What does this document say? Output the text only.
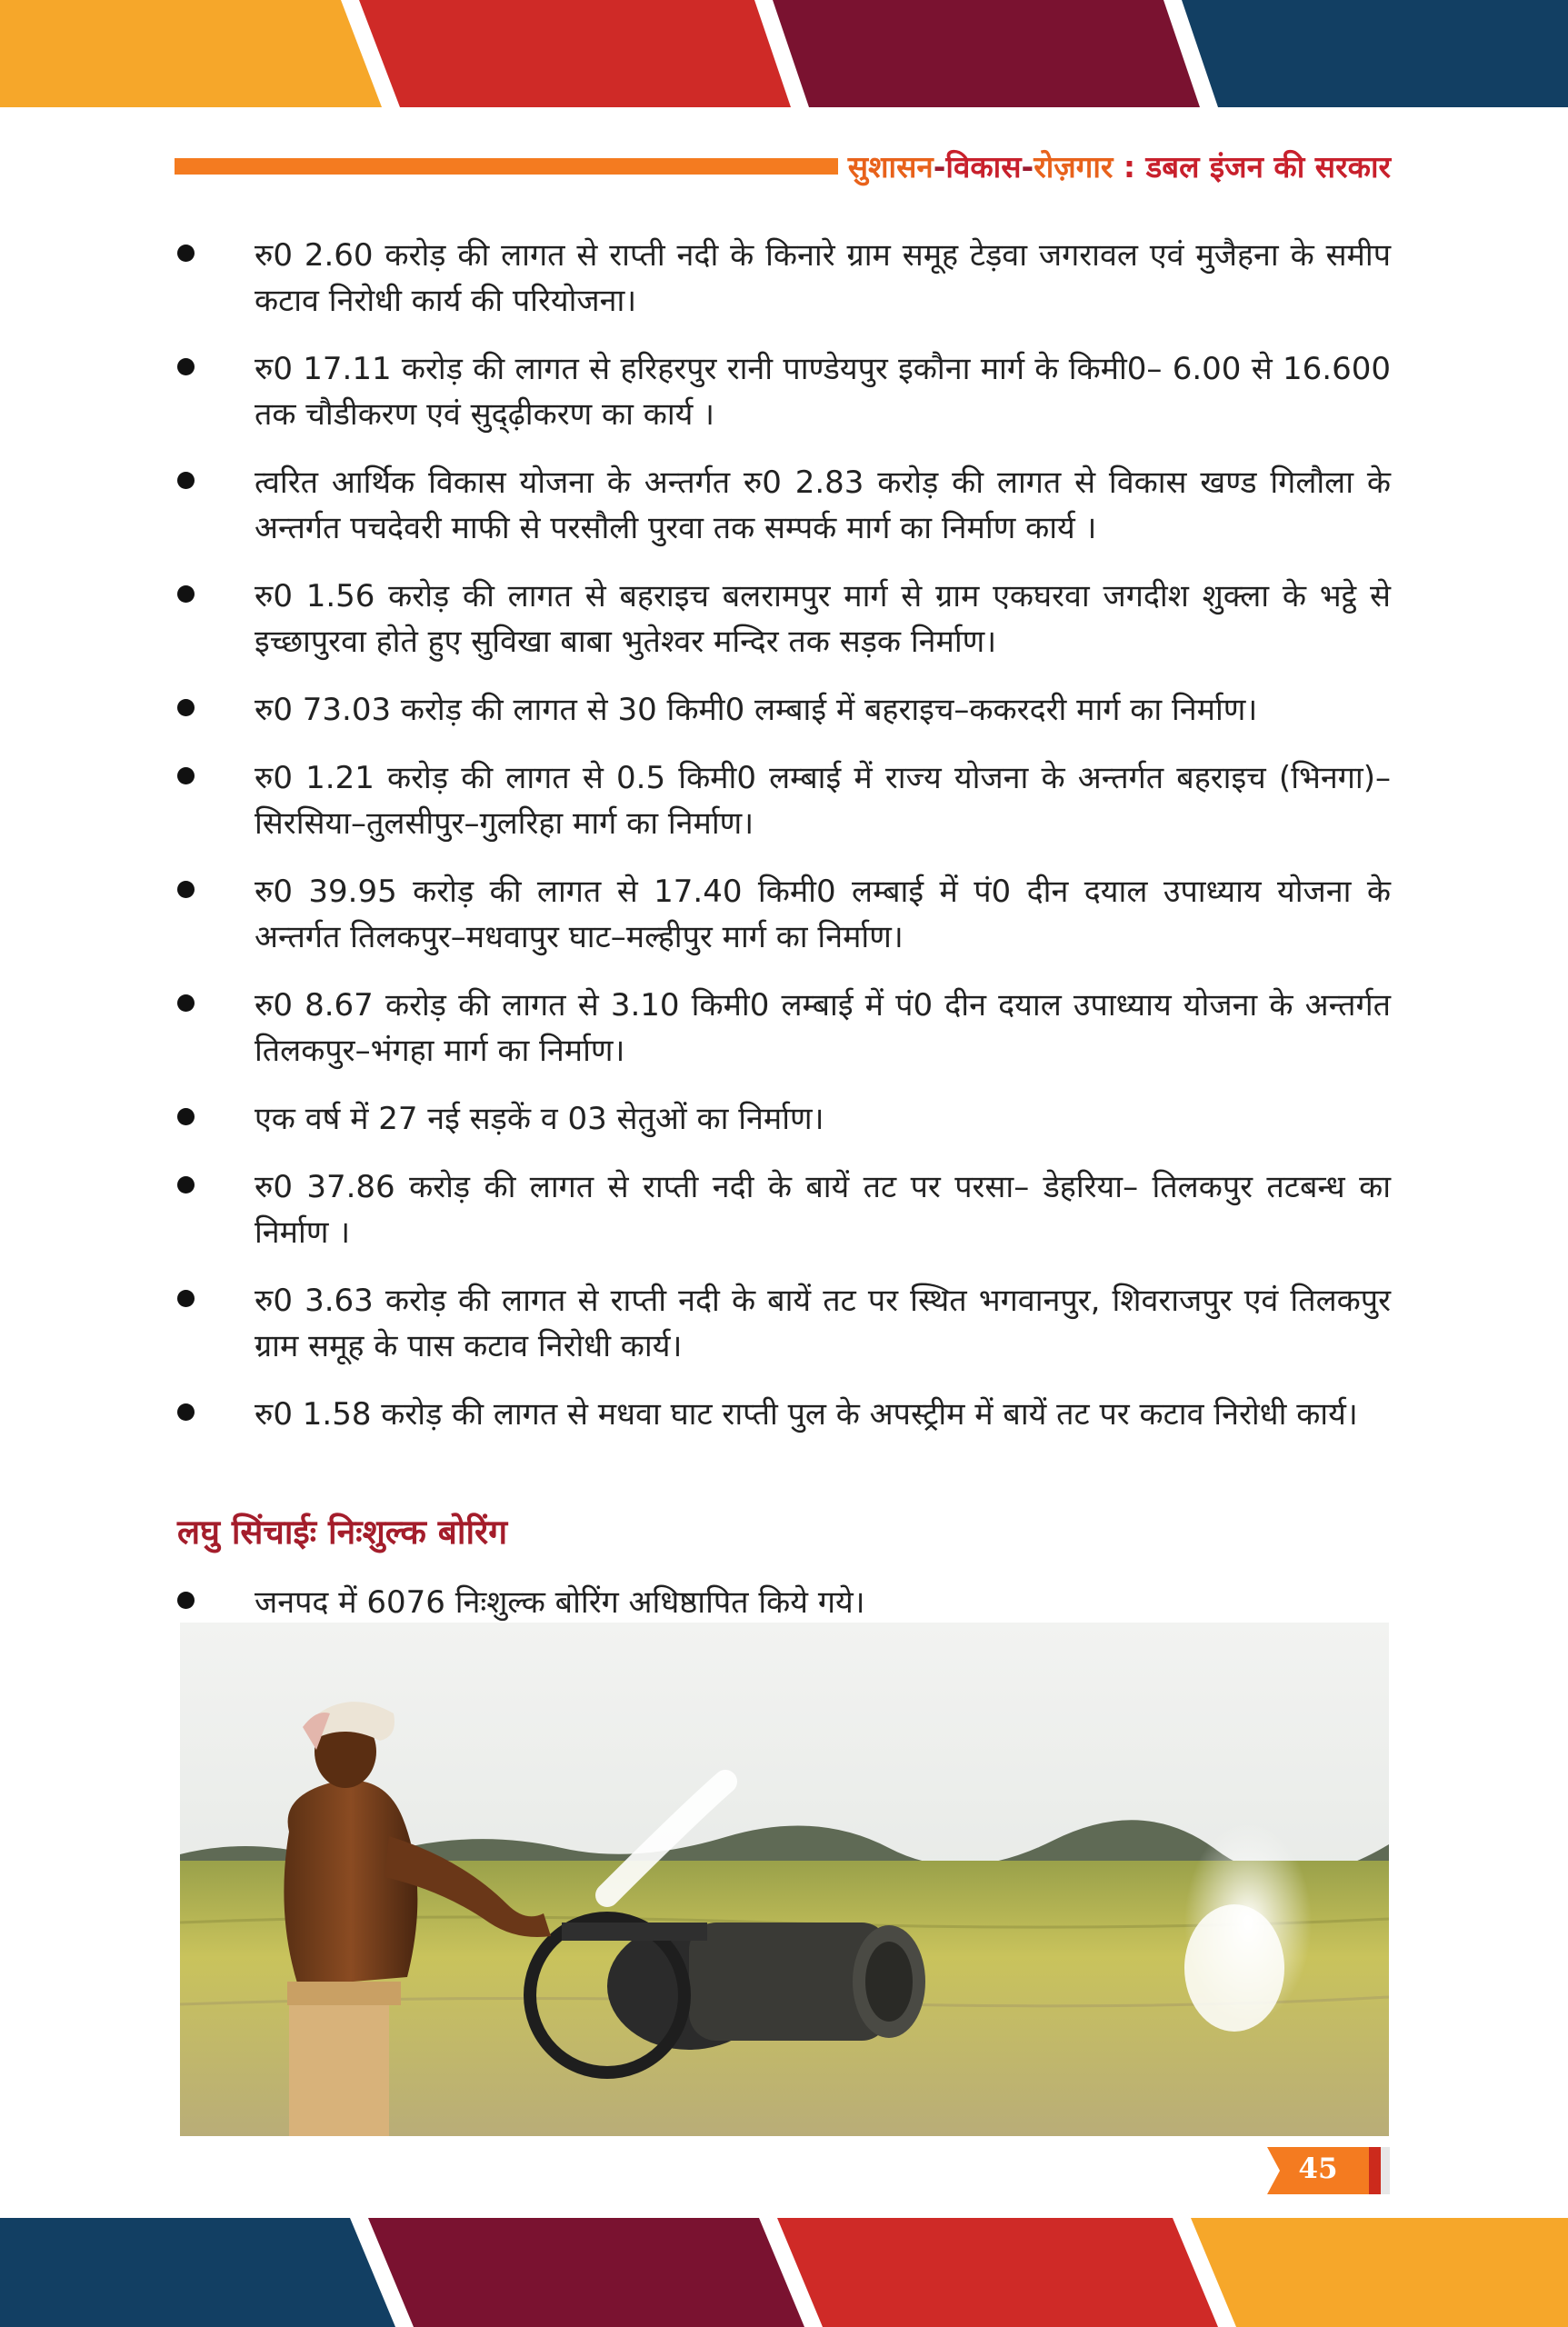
सुशासन-विकास-रोज़गार : डबल इंजन की सरकार
रु0 2.60 करोड़ की लागत से राप्ती नदी के किनारे ग्राम समूह टेड़वा जगरावल एवं मुजैहना के समीप कटाव निरोधी कार्य की परियोजना।
रु0 17.11 करोड़ की लागत से हरिहरपुर रानी पाण्डेयपुर इकौना मार्ग के किमी0– 6.00 से 16.600 तक चौडीकरण एवं सुद्ढ़ीकरण का कार्य ।
त्वरित आर्थिक विकास योजना के अन्तर्गत रु0 2.83 करोड़ की लागत से विकास खण्ड गिलौला के अन्तर्गत पचदेवरी माफी से परसौली पुरवा तक सम्पर्क मार्ग का निर्माण कार्य ।
रु0 1.56 करोड़ की लागत से बहराइच बलरामपुर मार्ग से ग्राम एकघरवा जगदीश शुक्ला के भट्ठे से इच्छापुरवा होते हुए सुविखा बाबा भुतेश्वर मन्दिर तक सड़क निर्माण।
रु0 73.03 करोड़ की लागत से 30 किमी0 लम्बाई में बहराइच–ककरदरी मार्ग का निर्माण।
रु0 1.21 करोड़ की लागत से 0.5 किमी0 लम्बाई में राज्य योजना के अन्तर्गत बहराइच (भिनगा)–सिरसिया–तुलसीपुर–गुलरिहा मार्ग का निर्माण।
रु0 39.95 करोड़ की लागत से 17.40 किमी0 लम्बाई में पं0 दीन दयाल उपाध्याय योजना के अन्तर्गत तिलकपुर–मधवापुर घाट–मल्हीपुर मार्ग का निर्माण।
रु0 8.67 करोड़ की लागत से 3.10 किमी0 लम्बाई में पं0 दीन दयाल उपाध्याय योजना के अन्तर्गत तिलकपुर–भंगहा मार्ग का निर्माण।
एक वर्ष में 27 नई सड़कें व 03 सेतुओं का निर्माण।
रु0 37.86 करोड़ की लागत से राप्ती नदी के बायें तट पर परसा– डेहरिया– तिलकपुर तटबन्ध का निर्माण ।
रु0 3.63 करोड़ की लागत से राप्ती नदी के बायें तट पर स्थित भगवानपुर, शिवराजपुर एवं तिलकपुर ग्राम समूह के पास कटाव निरोधी कार्य।
रु0 1.58 करोड़ की लागत से मधवा घाट राप्ती पुल के अपस्ट्रीम में बायें तट पर कटाव निरोधी कार्य।
लघु सिंचाईः निःशुल्क बोरिंग
जनपद में 6076 निःशुल्क बोरिंग अधिष्ठापित किये गये।
45
